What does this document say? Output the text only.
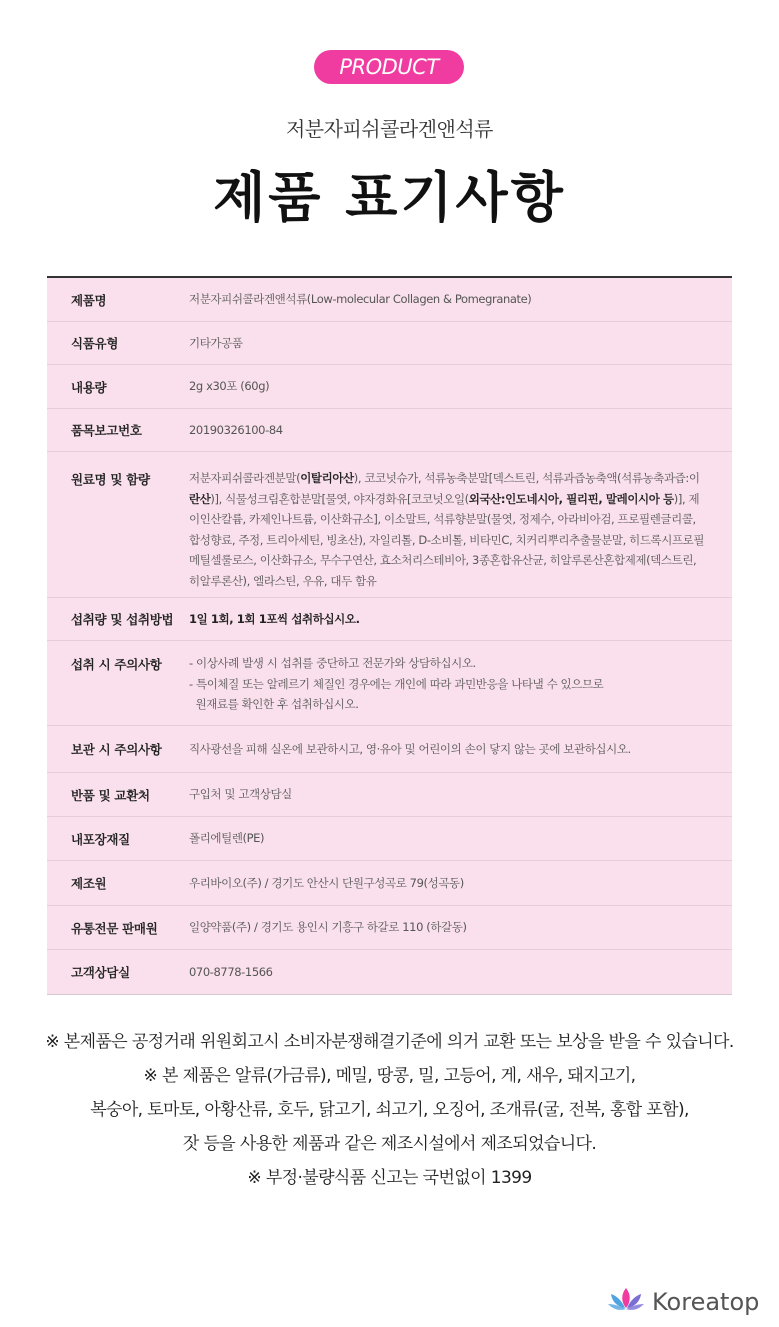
PRODUCT
저분자피쉬콜라겐앤석류
제품 표기사항
제품명	저분자피쉬콜라겐앤석류(Low-molecular Collagen & Pomegranate)
식품유형	기타가공품
내용량	2g x30포 (60g)
품목보고번호	20190326100-84
원료명 및 함량	저분자피쉬콜라겐분말(이탈리아산), 코코넛슈가, 석류농축분말[덱스트린, 석류과즙농축액(석류농축과즙:이란산)], 식물성크림혼합분말[물엿, 야자경화유[코코넛오일(외국산:인도네시아, 필리핀, 말레이시아 등)], 제이인산칼륨, 카제인나트륨, 이산화규소], 이소말트, 석류향분말(물엿, 정제수, 아라비아검, 프로필렌글리콜, 합성향료, 주정, 트리아세틴, 빙초산), 자일리톨, D-소비톨, 비타민C, 치커리뿌리추출물분말, 히드록시프로필메틸셀룰로스, 이산화규소, 무수구연산, 효소처리스테비아, 3종혼합유산균, 히알루론산혼합제제(덱스트린, 히알루론산), 엘라스틴, 우유, 대두 함유
섭취량 및 섭취방법	1일 1회, 1회 1포씩 섭취하십시오.
섭취 시 주의사항	- 이상사례 발생 시 섭취를 중단하고 전문가와 상담하십시오.
- 특이체질 또는 알레르기 체질인 경우에는 개인에 따라 과민반응을 나타낼 수 있으므로
원재료를 확인한 후 섭취하십시오.
보관 시 주의사항	직사광선을 피해 실온에 보관하시고, 영·유아 및 어린이의 손이 닿지 않는 곳에 보관하십시오.
반품 및 교환처	구입처 및 고객상담실
내포장재질	폴리에틸렌(PE)
제조원	우리바이오(주) / 경기도 안산시 단원구성곡로 79(성곡동)
유통전문 판매원	일양약품(주) / 경기도 용인시 기흥구 하갈로 110 (하갈동)
고객상담실	070-8778-1566

※ 본제품은 공정거래 위원회고시 소비자분쟁해결기준에 의거 교환 또는 보상을 받을 수 있습니다.

※ 본 제품은 알류(가금류), 메밀, 땅콩, 밀, 고등어, 게, 새우, 돼지고기,

복숭아, 토마토, 아황산류, 호두, 닭고기, 쇠고기, 오징어, 조개류(굴, 전복, 홍합 포함),

잣 등을 사용한 제품과 같은 제조시설에서 제조되었습니다.

※ 부정·불량식품 신고는 국번없이 1399

Koreatop
